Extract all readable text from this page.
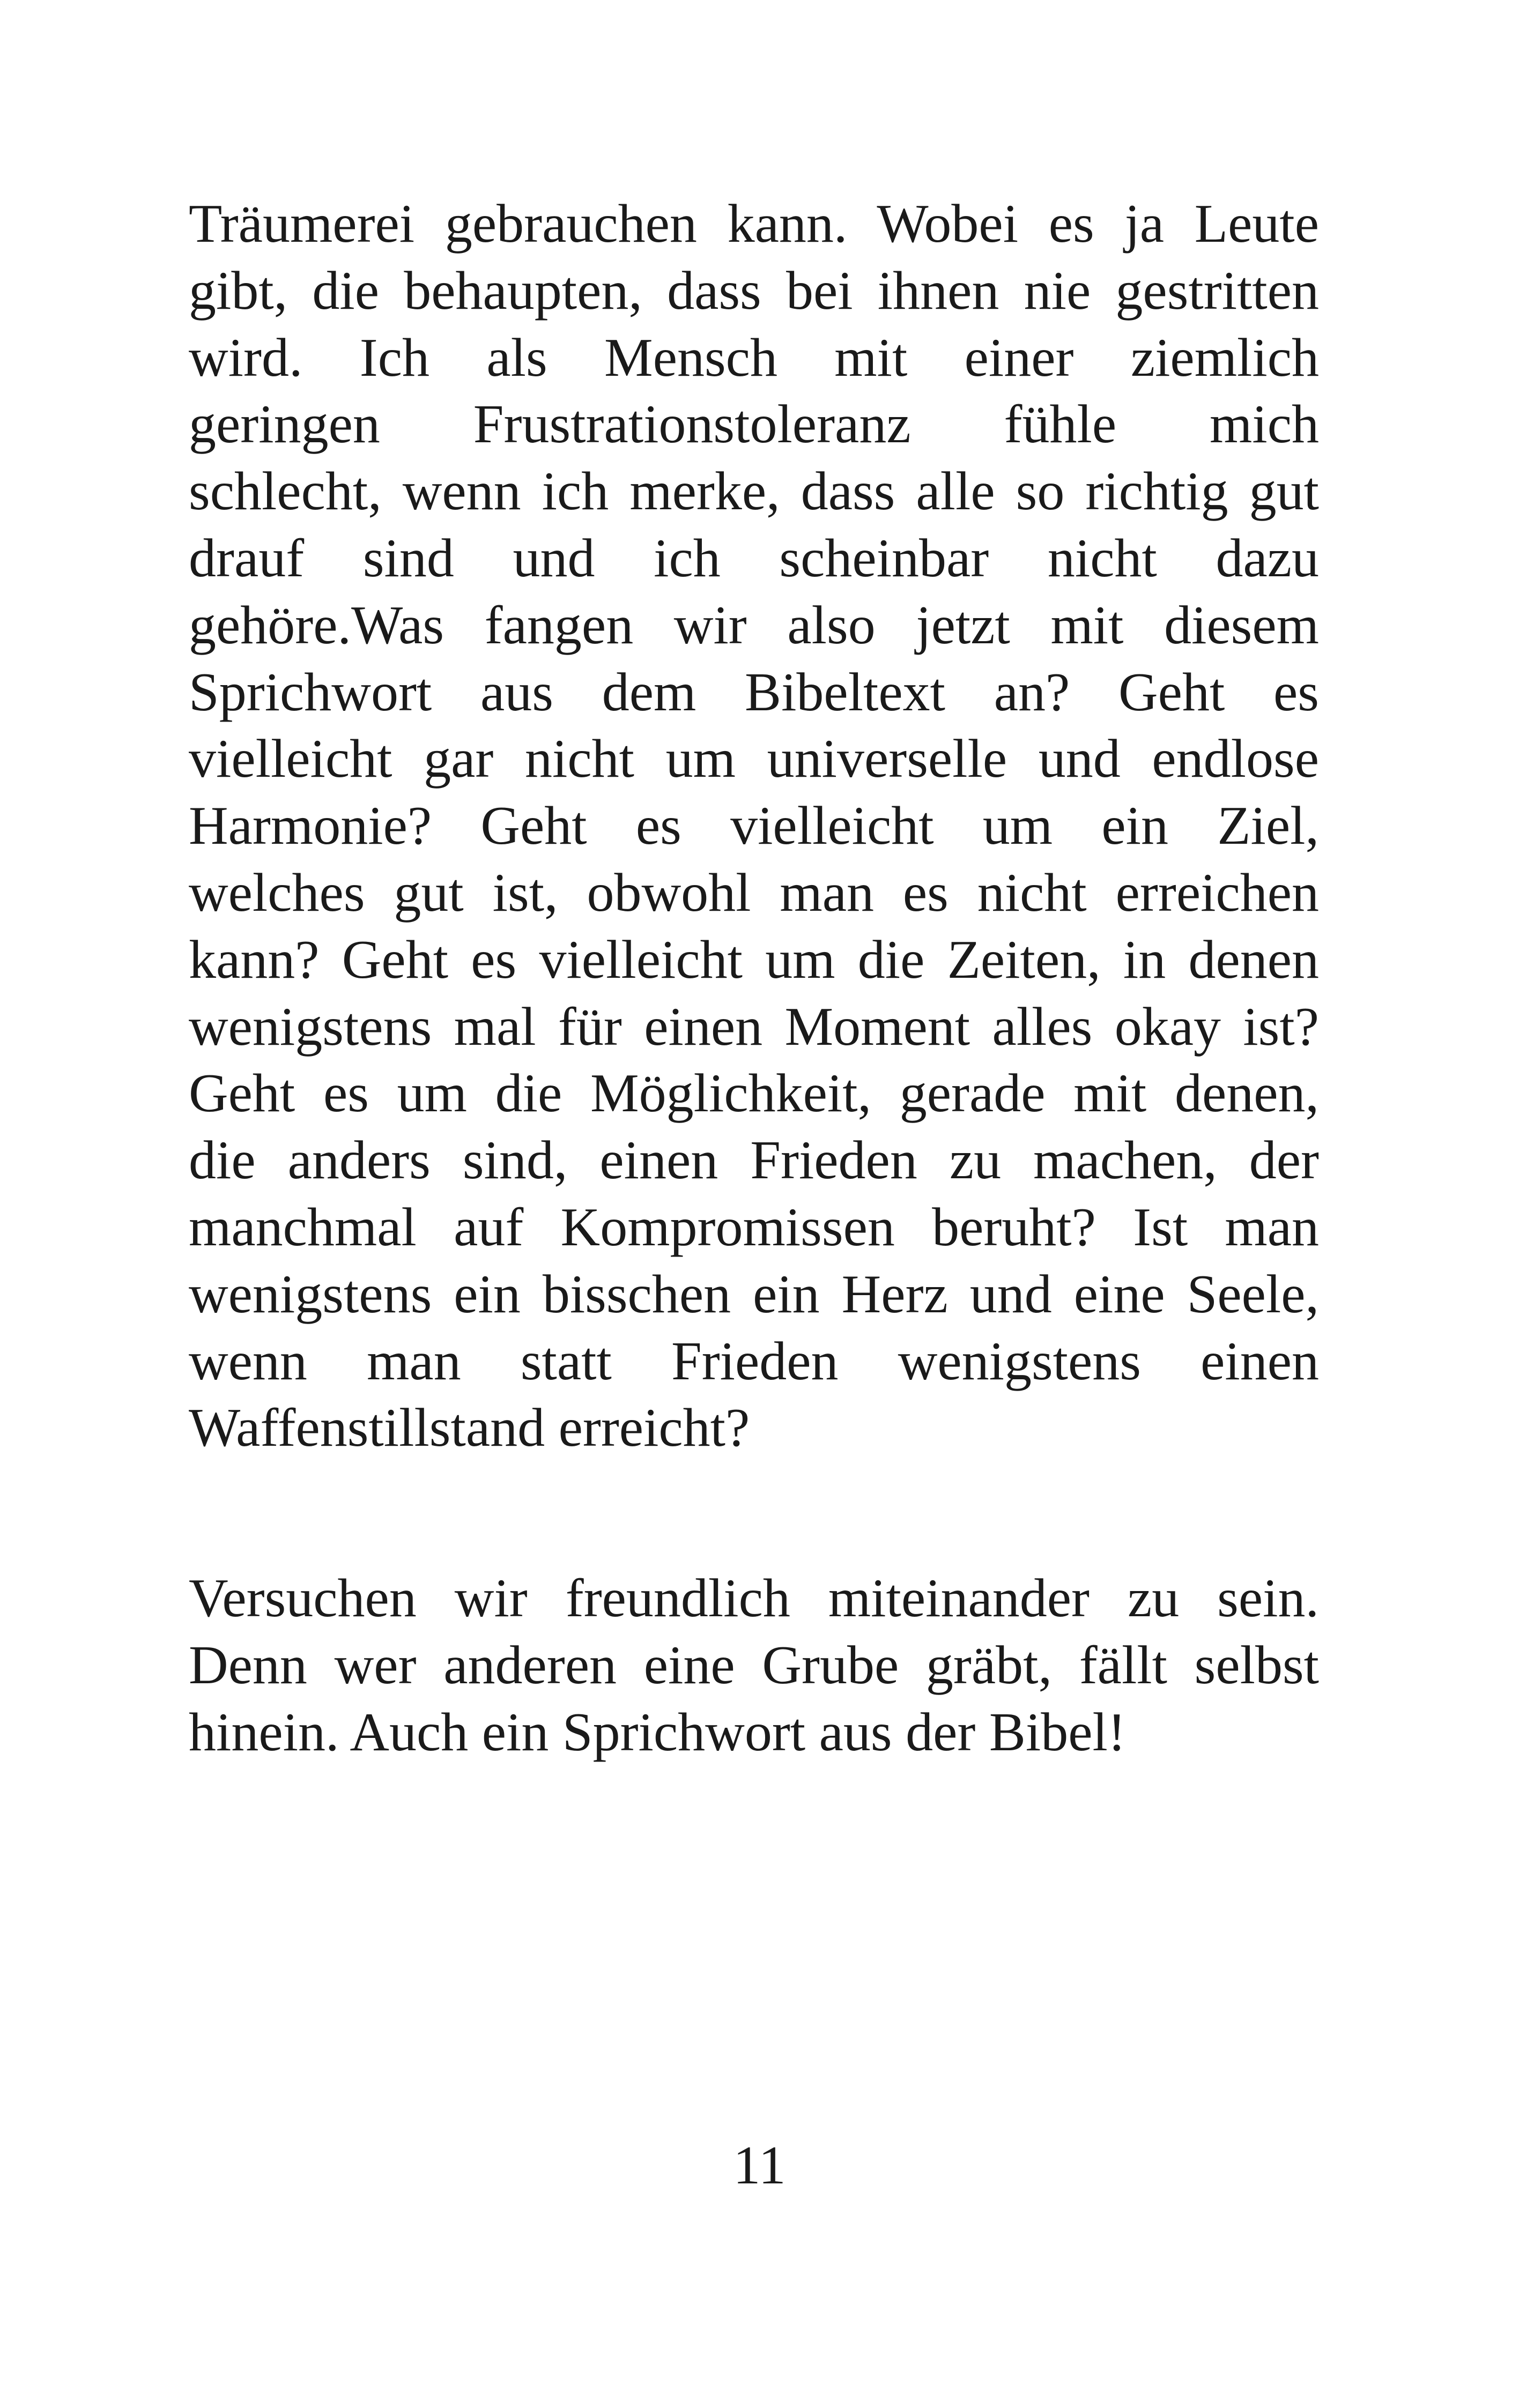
Träumerei gebrauchen kann. Wobei es ja Leute
gibt, die behaupten, dass bei ihnen nie gestritten
wird. Ich als Mensch mit einer ziemlich
geringen Frustrationstoleranz fühle mich
schlecht, wenn ich merke, dass alle so richtig gut
drauf sind und ich scheinbar nicht dazu
gehöre.Was fangen wir also jetzt mit diesem
Sprichwort aus dem Bibeltext an? Geht es
vielleicht gar nicht um universelle und endlose
Harmonie? Geht es vielleicht um ein Ziel,
welches gut ist, obwohl man es nicht erreichen
kann? Geht es vielleicht um die Zeiten, in denen
wenigstens mal für einen Moment alles okay ist?
Geht es um die Möglichkeit, gerade mit denen,
die anders sind, einen Frieden zu machen, der
manchmal auf Kompromissen beruht? Ist man
wenigstens ein bisschen ein Herz und eine Seele,
wenn man statt Frieden wenigstens einen
Waffenstillstand erreicht?
Versuchen wir freundlich miteinander zu sein.
Denn wer anderen eine Grube gräbt, fällt selbst
hinein. Auch ein Sprichwort aus der Bibel!
11
